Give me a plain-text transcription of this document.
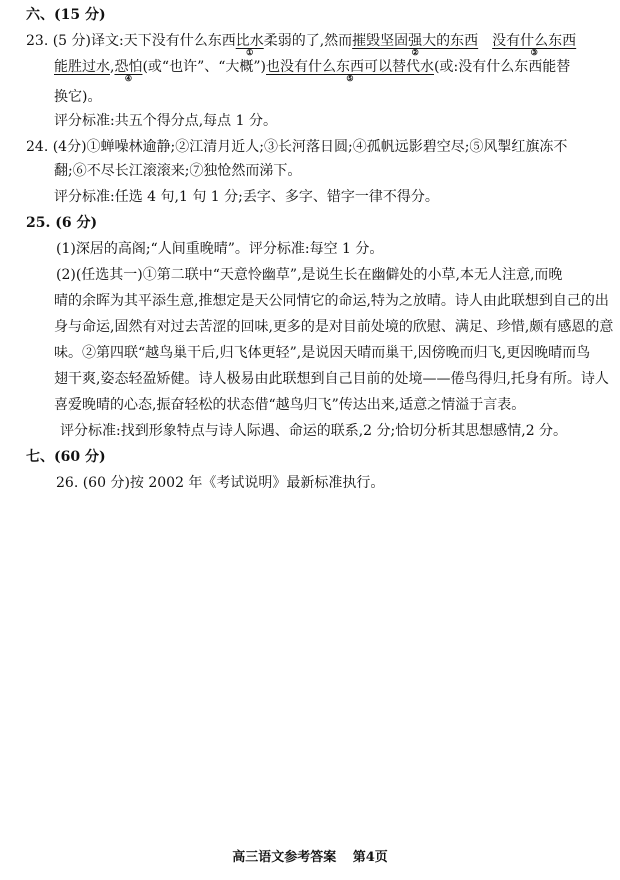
六、(15 分)
23. (5 分)译文:天下没有什么东西比水
①
柔弱的了,然而摧毁坚固强大的东西
②
没有什么东西
③
能胜过水,恐怕
④
(或“也许”、“大概”)也没有什么东西可以替代水
⑤
(或:没有什么东西能替
换它)。
评分标准:共五个得分点,每点 1 分。
24. (4分)①蝉噪林逾静;②江清月近人;③长河落日圆;④孤帆远影碧空尽;⑤风掣红旗冻不
翻;⑥不尽长江滚滚来;⑦独怆然而涕下。
评分标准:任选 4 句,1 句 1 分;丢字、多字、错字一律不得分。
25. (6 分)
(1)深居的高阁;“人间重晚晴”。评分标准:每空 1 分。
(2)(任选其一)①第二联中“天意怜幽草”,是说生长在幽僻处的小草,本无人注意,而晚
晴的余晖为其平添生意,推想定是天公同情它的命运,特为之放晴。诗人由此联想到自己的出
身与命运,固然有对过去苦涩的回味,更多的是对目前处境的欣慰、满足、珍惜,颇有感恩的意
味。②第四联“越鸟巢干后,归飞体更轻”,是说因天晴而巢干,因傍晚而归飞,更因晚晴而鸟
翅干爽,姿态轻盈矫健。诗人极易由此联想到自己目前的处境——倦鸟得归,托身有所。诗人
喜爱晚晴的心态,振奋轻松的状态借“越鸟归飞”传达出来,适意之情溢于言表。
评分标准:找到形象特点与诗人际遇、命运的联系,2 分;恰切分析其思想感情,2 分。
七、(60 分)
26. (60 分)按 2002 年《考试说明》最新标准执行。
高三语文参考答案 第4页
